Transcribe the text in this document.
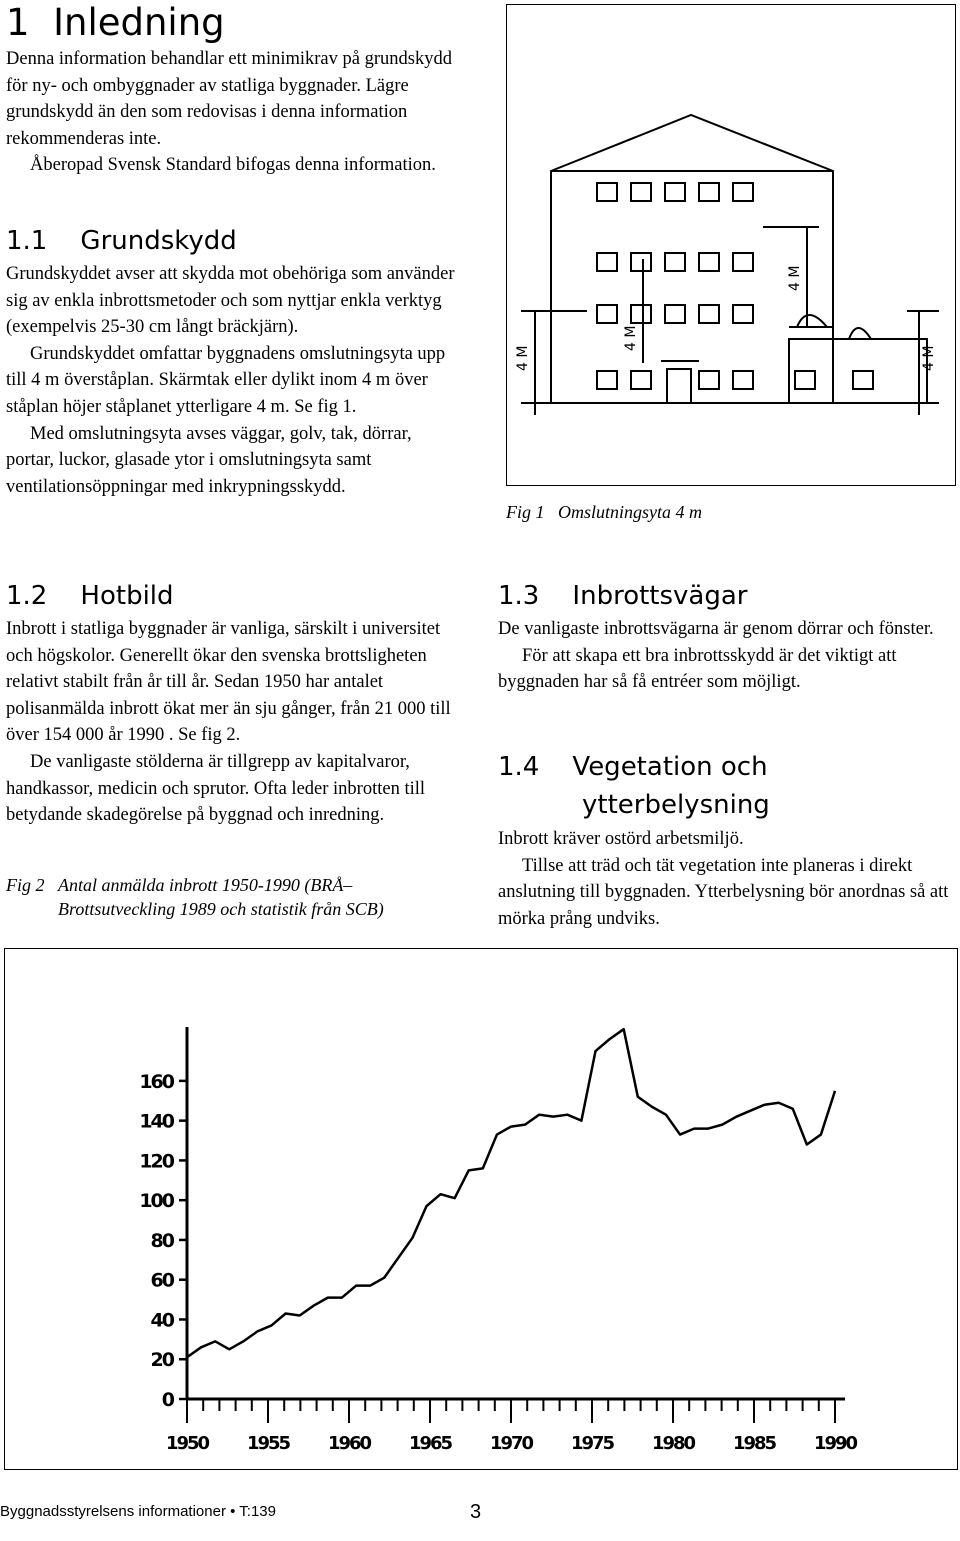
1 Inledning

Denna information behandlar ett minimikrav på grundskydd för ny- och ombyggnader av statliga byggnader. Lägre grundskydd än den som redovisas i denna information rekommenderas inte.

Åberopad Svensk Standard bifogas denna information.

1.1 Grundskydd

Grundskyddet avser att skydda mot obehöriga som använder sig av enkla inbrottsmetoder och som nyttjar enkla verktyg (exempelvis 25-30 cm långt bräckjärn).

Grundskyddet omfattar byggnadens omslutningsyta upp till 4 m överståplan. Skärmtak eller dylikt inom 4 m över ståplan höjer ståplanet ytterligare 4 m. Se fig 1.

Med omslutningsyta avses väggar, golv, tak, dörrar, portar, luckor, glasade ytor i omslutningsyta samt ventilationsöppningar med inkrypningsskydd.

4 M
4 M
4 M
4 M
Fig 1 Omslutningsyta 4 m
1.2 Hotbild

Inbrott i statliga byggnader är vanliga, särskilt i universitet och högskolor. Generellt ökar den svenska brottsligheten relativt stabilt från år till år. Sedan 1950 har antalet polisanmälda inbrott ökat mer än sju gånger, från 21 000 till över 154 000 år 1990 . Se fig 2.

De vanligaste stölderna är tillgrepp av kapitalvaror, handkassor, medicin och sprutor. Ofta leder inbrotten till betydande skadegörelse på byggnad och inredning.

Fig 2 Antal anmälda inbrott 1950-1990 (BRÅ–
Brottsutveckling 1989 och statistik från SCB)
1.3 Inbrottsvägar

De vanligaste inbrottsvägarna är genom dörrar och fönster.

För att skapa ett bra inbrottsskydd är det viktigt att byggnaden har så få entréer som möjligt.

1.4 Vegetation och
ytterbelysning

Inbrott kräver ostörd arbetsmiljö.

Tillse att träd och tät vegetation inte planeras i direkt anslutning till byggnaden. Ytterbelysning bör anordnas så att mörka prång undviks.

0
20
40
60
80
100
120
140
160
1950 1955 1960 1965 1970 1975 1980 1985 1990
Byggnadsstyrelsens informationer • T:139	3
